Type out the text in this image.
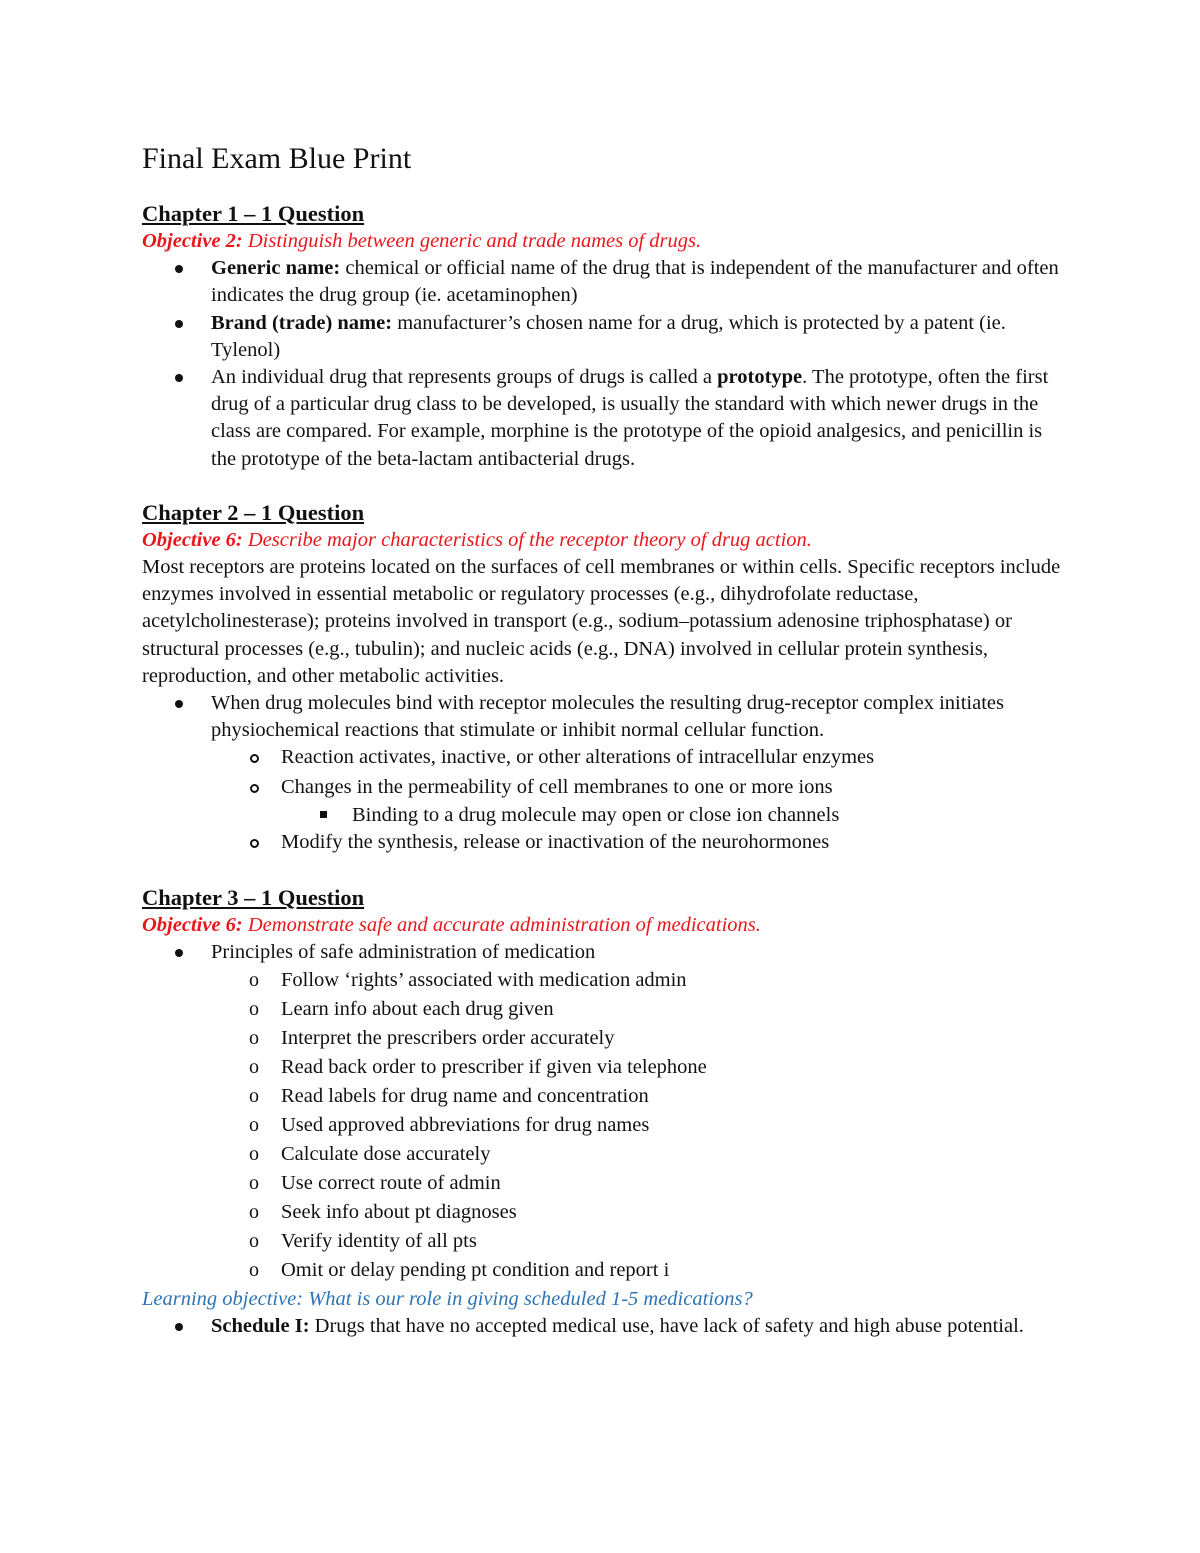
Final Exam Blue Print

Chapter 1 – 1 Question

Objective 2: Distinguish between generic and trade names of drugs.

Generic name: chemical or official name of the drug that is independent of the manufacturer and often indicates the drug group (ie. acetaminophen)
Brand (trade) name: manufacturer’s chosen name for a drug, which is protected by a patent (ie. Tylenol)
An individual drug that represents groups of drugs is called a prototype. The prototype, often the first drug of a particular drug class to be developed, is usually the standard with which newer drugs in the class are compared. For example, morphine is the prototype of the opioid analgesics, and penicillin is the prototype of the beta-lactam antibacterial drugs.

Chapter 2 – 1 Question

Objective 6: Describe major characteristics of the receptor theory of drug action.

Most receptors are proteins located on the surfaces of cell membranes or within cells. Specific receptors include enzymes involved in essential metabolic or regulatory processes (e.g., dihydrofolate reductase, acetylcholinesterase); proteins involved in transport (e.g., sodium–potassium adenosine triphosphatase) or structural processes (e.g., tubulin); and nucleic acids (e.g., DNA) involved in cellular protein synthesis, reproduction, and other metabolic activities.

When drug molecules bind with receptor molecules the resulting drug-receptor complex initiates physiochemical reactions that stimulate or inhibit normal cellular function.
Reaction activates, inactive, or other alterations of intracellular enzymes
Changes in the permeability of cell membranes to one or more ions
Binding to a drug molecule may open or close ion channels
Modify the synthesis, release or inactivation of the neurohormones

Chapter 3 – 1 Question

Objective 6: Demonstrate safe and accurate administration of medications.

Principles of safe administration of medication
o Follow ‘rights’ associated with medication admin
o Learn info about each drug given
o Interpret the prescribers order accurately
o Read back order to prescriber if given via telephone
o Read labels for drug name and concentration
o Used approved abbreviations for drug names
o Calculate dose accurately
o Use correct route of admin
o Seek info about pt diagnoses
o Verify identity of all pts
o Omit or delay pending pt condition and report i

Learning objective: What is our role in giving scheduled 1-5 medications?

Schedule I: Drugs that have no accepted medical use, have lack of safety and high abuse potential.
